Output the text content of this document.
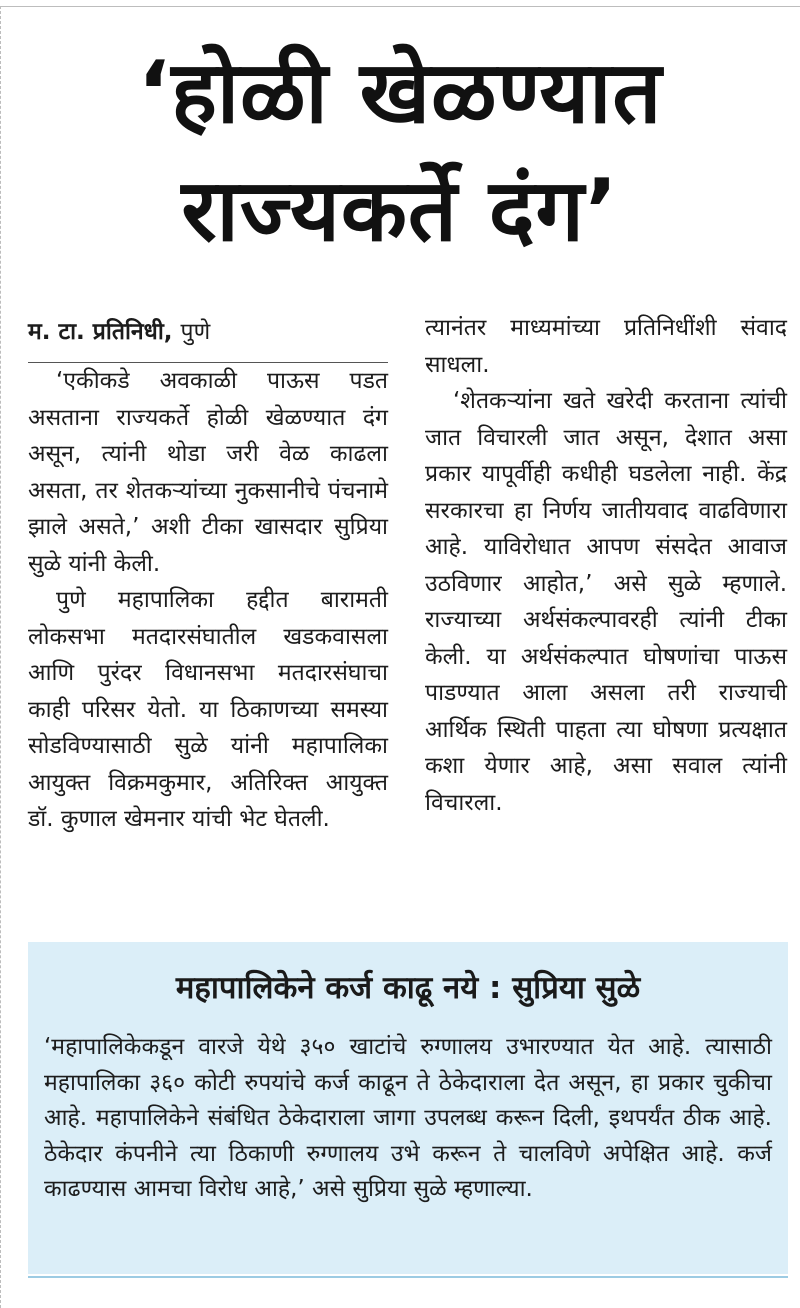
‘होळी खेळण्यात
राज्यकर्ते दंग’

म. टा. प्रतिनिधी, पुणे

‘एकीकडे अवकाळी पाऊस पडत असताना राज्यकर्ते होळी खेळण्यात दंग असून, त्यांनी थोडा जरी वेळ काढला असता, तर शेतकऱ्यांच्या नुकसानीचे पंचनामे झाले असते,’ अशी टीका खासदार सुप्रिया सुळे यांनी केली.

पुणे महापालिका हद्दीत बारामती लोकसभा मतदारसंघातील खडकवासला आणि पुरंदर विधानसभा मतदारसंघाचा काही परिसर येतो. या ठिकाणच्या समस्या सोडविण्यासाठी सुळे यांनी महापालिका आयुक्त विक्रमकुमार, अतिरिक्त आयुक्त डॉ. कुणाल खेमनार यांची भेट घेतली.

त्यानंतर माध्यमांच्या प्रतिनिधींशी संवाद साधला.

‘शेतकऱ्यांना खते खरेदी करताना त्यांची जात विचारली जात असून, देशात असा प्रकार यापूर्वीही कधीही घडलेला नाही. केंद्र सरकारचा हा निर्णय जातीयवाद वाढविणारा आहे. याविरोधात आपण संसदेत आवाज उठविणार आहोत,’ असे सुळे म्हणाले. राज्याच्या अर्थसंकल्पावरही त्यांनी टीका केली. या अर्थसंकल्पात घोषणांचा पाऊस पाडण्यात आला असला तरी राज्याची आर्थिक स्थिती पाहता त्या घोषणा प्रत्यक्षात कशा येणार आहे, असा सवाल त्यांनी विचारला.

महापालिकेने कर्ज काढू नये : सुप्रिया सुळे

‘महापालिकेकडून वारजे येथे ३५० खाटांचे रुग्णालय उभारण्यात येत आहे. त्यासाठी महापालिका ३६० कोटी रुपयांचे कर्ज काढून ते ठेकेदाराला देत असून, हा प्रकार चुकीचा आहे. महापालिकेने संबंधित ठेकेदाराला जागा उपलब्ध करून दिली, इथपर्यंत ठीक आहे. ठेकेदार कंपनीने त्या ठिकाणी रुग्णालय उभे करून ते चालविणे अपेक्षित आहे. कर्ज काढण्यास आमचा विरोध आहे,’ असे सुप्रिया सुळे म्हणाल्या.
